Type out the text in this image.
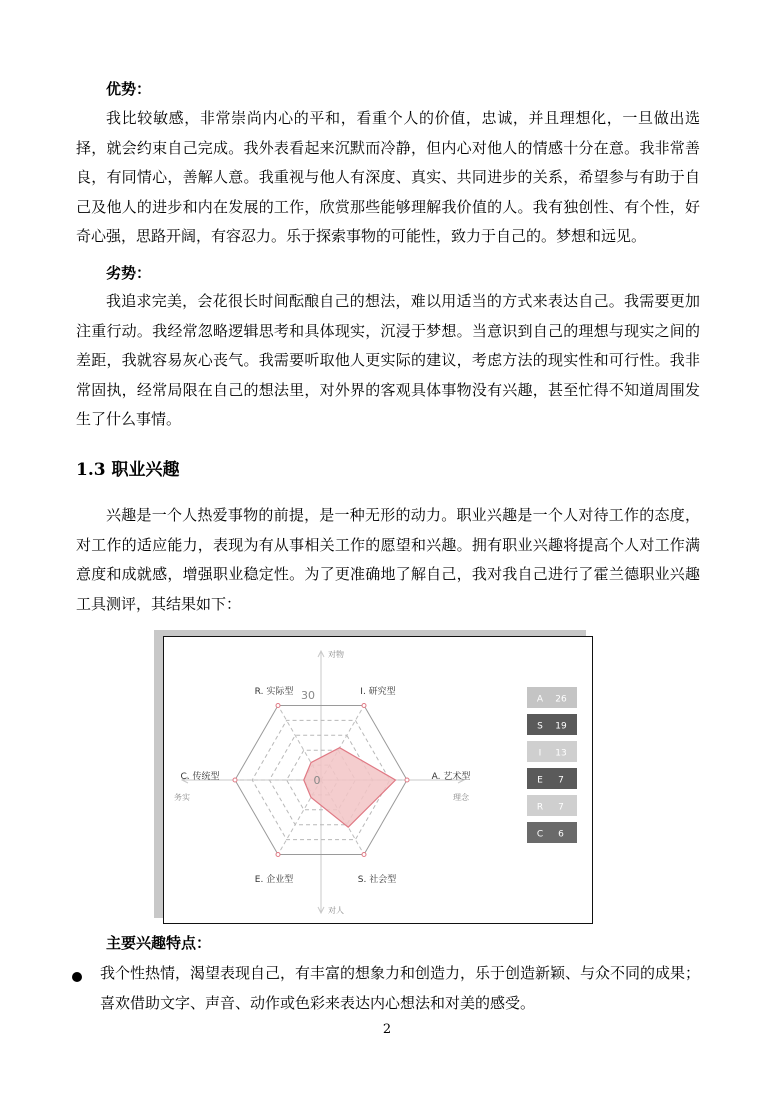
优势：

我比较敏感，非常崇尚内心的平和，看重个人的价值，忠诚，并且理想化，一旦做出选择，就会约束自己完成。我外表看起来沉默而冷静，但内心对他人的情感十分在意。我非常善良，有同情心，善解人意。我重视与他人有深度、真实、共同进步的关系，希望参与有助于自己及他人的进步和内在发展的工作，欣赏那些能够理解我价值的人。我有独创性、有个性，好奇心强，思路开阔，有容忍力。乐于探索事物的可能性，致力于自己的。梦想和远见。

劣势：

我追求完美，会花很长时间酝酿自己的想法，难以用适当的方式来表达自己。我需要更加注重行动。我经常忽略逻辑思考和具体现实，沉浸于梦想。当意识到自己的理想与现实之间的差距，我就容易灰心丧气。我需要听取他人更实际的建议，考虑方法的现实性和可行性。我非常固执，经常局限在自己的想法里，对外界的客观具体事物没有兴趣，甚至忙得不知道周围发生了什么事情。

1.3 职业兴趣

兴趣是一个人热爱事物的前提，是一种无形的动力。职业兴趣是一个人对待工作的态度，对工作的适应能力，表现为有从事相关工作的愿望和兴趣。拥有职业兴趣将提高个人对工作满意度和成就感，增强职业稳定性。为了更准确地了解自己，我对我自己进行了霍兰德职业兴趣工具测评，其结果如下：

30
0
I. 研究型
A. 艺术型
S. 社会型
E. 企业型
C. 传统型
R. 实际型
对物
对人
务实	理念
A 26
S 19
I 13
E 7
R 7
C 6
主要兴趣特点：

我个性热情，渴望表现自己，有丰富的想象力和创造力，乐于创造新颖、与众不同的成果；喜欢借助文字、声音、动作或色彩来表达内心想法和对美的感受。

2
